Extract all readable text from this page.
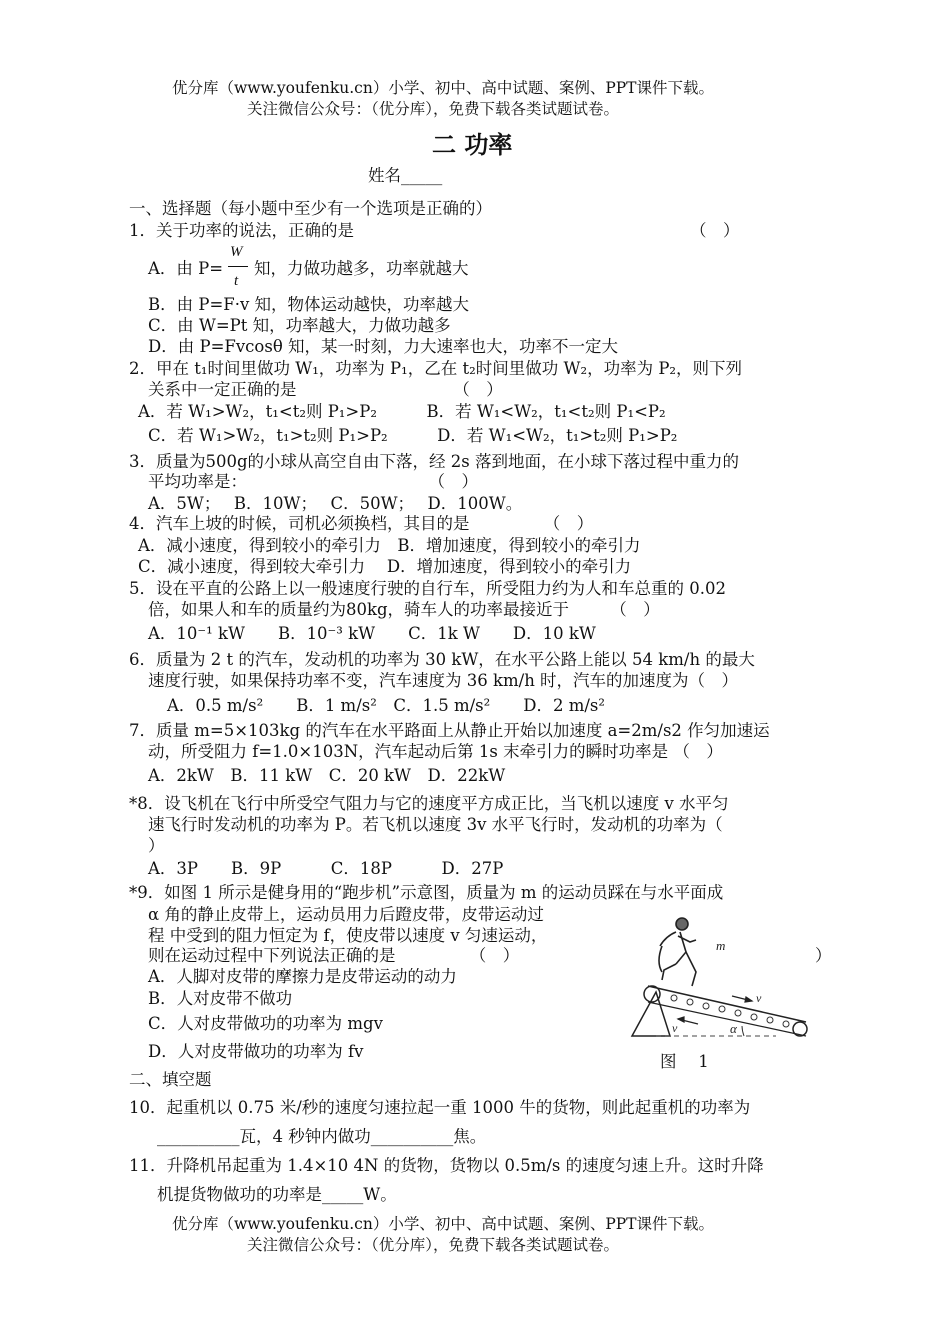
优分库（www.youfenku.cn）小学、初中、高中试题、案例、PPT课件下载。
关注微信公众号：（优分库），免费下载各类试题试卷。
二 功率
姓名_____
一、选择题（每小题中至少有一个选项是正确的）
1．关于功率的说法，正确的是	（　）
A．由 P=
W
t
知，力做功越多，功率就越大
B．由 P=F·v 知，物体运动越快，功率越大
C．由 W=Pt 知，功率越大，力做功越多
D．由 P=Fvcosθ 知，某一时刻，力大速率也大，功率不一定大
2．甲在 t₁时间里做功 W₁，功率为 P₁，乙在 t₂时间里做功 W₂，功率为 P₂，则下列
关系中一定正确的是　　　　　　　　　　（　）
A．若 W₁>W₂，t₁<t₂则 P₁>P₂　　　B．若 W₁<W₂，t₁<t₂则 P₁<P₂
C．若 W₁>W₂，t₁>t₂则 P₁>P₂　　　D．若 W₁<W₂，t₁>t₂则 P₁>P₂
3．质量为500g的小球从高空自由下落，经 2s 落到地面，在小球下落过程中重力的
平均功率是：　　　　　　　　　　　　（　）
A．5W；　 B．10W；　 C．50W；　 D．100W。
4．汽车上坡的时候，司机必须换档，其目的是　　　　　（　）
A．减小速度，得到较小的牵引力　B．增加速度，得到较小的牵引力
C．减小速度，得到较大牵引力　 D．增加速度，得到较小的牵引力
5．设在平直的公路上以一般速度行驶的自行车，所受阻力约为人和车总重的 0.02
倍，如果人和车的质量约为80kg，骑车人的功率最接近于　　　（　）
A．10⁻¹ kW　　B．10⁻³ kW　　C．1k W　　D．10 kW
6．质量为 2 t 的汽车，发动机的功率为 30 kW，在水平公路上能以 54 km/h 的最大
速度行驶，如果保持功率不变，汽车速度为 36 km/h 时，汽车的加速度为（　）
A．0.5 m/s²　　B．1 m/s²　C．1.5 m/s²　　D．2 m/s²
7．质量 m=5×103kg 的汽车在水平路面上从静止开始以加速度 a=2m/s2 作匀加速运
动，所受阻力 f=1.0×103N，汽车起动后第 1s 末牵引力的瞬时功率是 （　）
A．2kW　B．11 kW　C．20 kW　D．22kW
*8．设飞机在飞行中所受空气阻力与它的速度平方成正比，当飞机以速度 v 水平匀
速飞行时发动机的功率为 P。若飞机以速度 3v 水平飞行时，发动机的功率为（
）
A．3P　　B．9P　　　C．18P　　　D．27P
*9．如图 1 所示是健身用的“跑步机”示意图，质量为 m 的运动员踩在与水平面成
α 角的静止皮带上，运动员用力后蹬皮带，皮带运动过
程 中受到的阻力恒定为 f，使皮带以速度 v 匀速运动，
则在运动过程中下列说法正确的是　　　　　（　）	）
A．人脚对皮带的摩擦力是皮带运动的动力
B．人对皮带不做功
C．人对皮带做功的功率为 mgv
D．人对皮带做功的功率为 fv
m
v
v	α
图　 1
二、填空题
10．起重机以 0.75 米/秒的速度匀速拉起一重 1000 牛的货物，则此起重机的功率为
__________瓦，4 秒钟内做功__________焦。
11．升降机吊起重为 1.4×10 4N 的货物，货物以 0.5m/s 的速度匀速上升。这时升降
机提货物做功的功率是_____W。
优分库（www.youfenku.cn）小学、初中、高中试题、案例、PPT课件下载。
关注微信公众号：（优分库），免费下载各类试题试卷。
